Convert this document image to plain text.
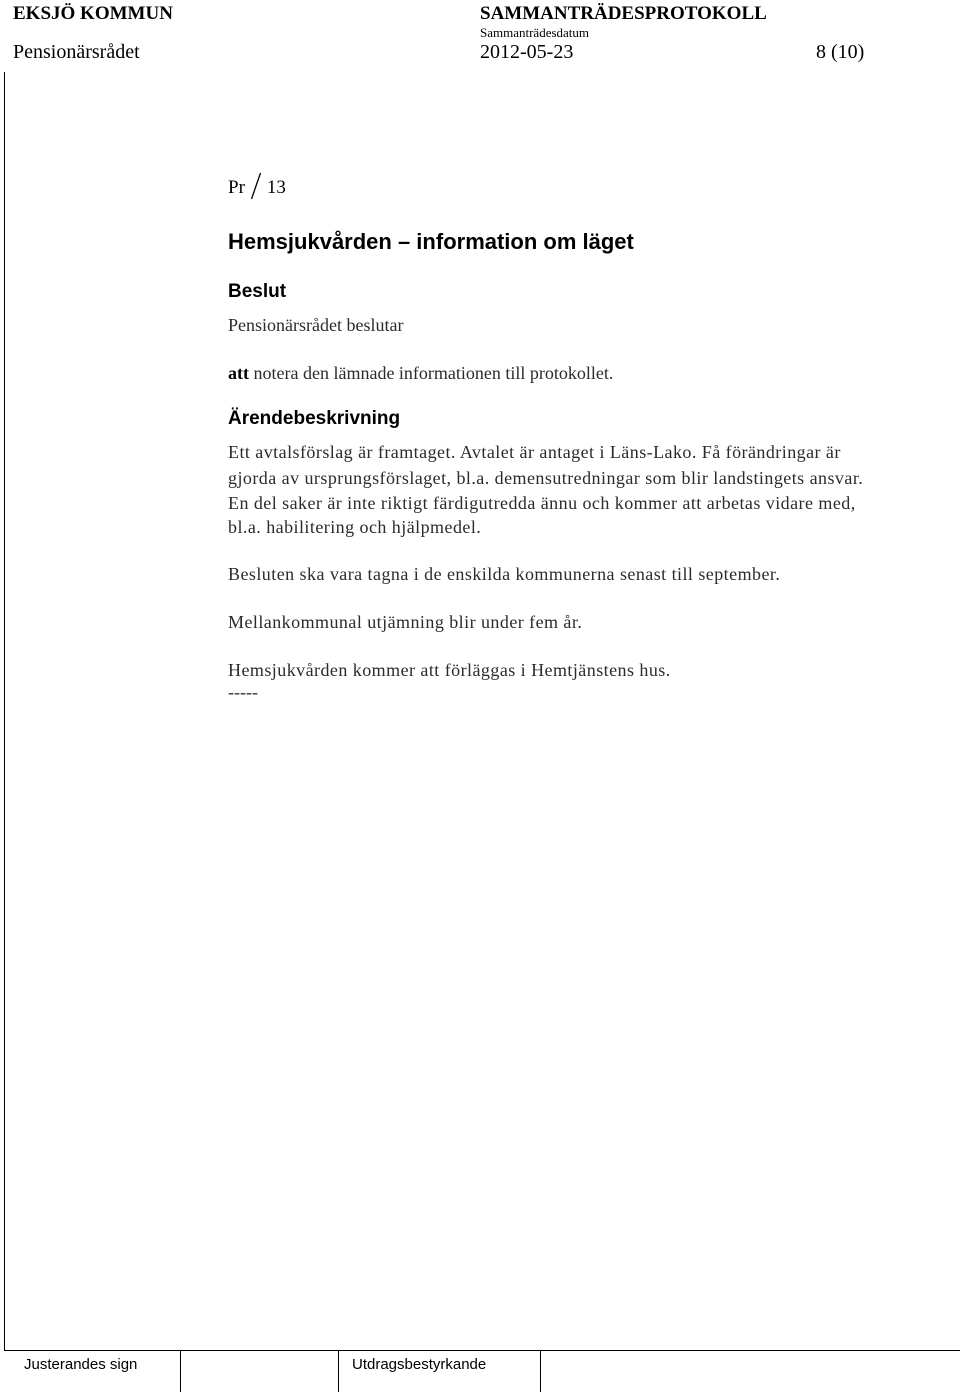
EKSJÖ KOMMUN
Pensionärsrådet
SAMMANTRÄDESPROTOKOLL
Sammanträdesdatum
2012-05-23	8 (10)
Pr 13
Hemsjukvården – information om läget
Beslut
Pensionärsrådet beslutar
att notera den lämnade informationen till protokollet.
Ärendebeskrivning
Ett avtalsförslag är framtaget. Avtalet är antaget i Läns-Lako. Få förändringar är
gjorda av ursprungsförslaget, bl.a. demensutredningar som blir landstingets ansvar.
En del saker är inte riktigt färdigutredda ännu och kommer att arbetas vidare med,
bl.a. habilitering och hjälpmedel.
Besluten ska vara tagna i de enskilda kommunerna senast till september.
Mellankommunal utjämning blir under fem år.
Hemsjukvården kommer att förläggas i Hemtjänstens hus.
-----
Justerandes sign	Utdragsbestyrkande
